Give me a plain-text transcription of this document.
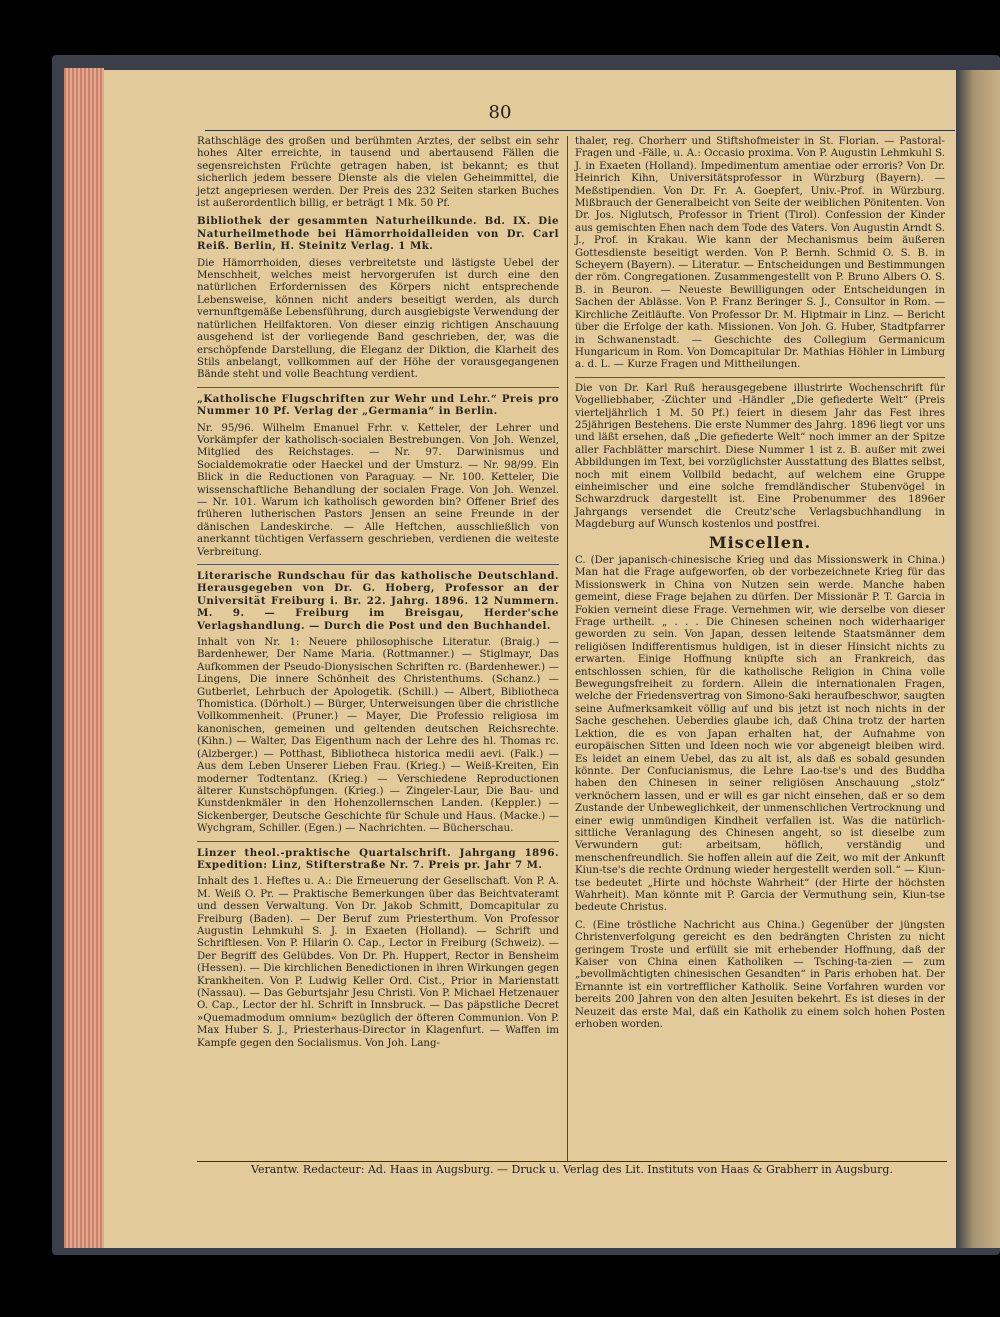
80

Rathschläge des großen und berühmten Arztes, der selbst ein sehr hohes Alter erreichte, in tausend und abertausend Fällen die segensreichsten Früchte getragen haben, ist bekannt; es thut sicherlich jedem bessere Dienste als die vielen Geheimmittel, die jetzt angepriesen werden. Der Preis des 232 Seiten starken Buches ist außerordentlich billig, er beträgt 1 Mk. 50 Pf.

Bibliothek der gesammten Naturheilkunde. Bd. IX. Die Naturheilmethode bei Hämorrhoidalleiden von Dr. Carl Reiß. Berlin, H. Steinitz Verlag. 1 Mk.

Die Hämorrhoiden, dieses verbreitetste und lästigste Uebel der Menschheit, welches meist hervorgerufen ist durch eine den natürlichen Erfordernissen des Körpers nicht entsprechende Lebensweise, können nicht anders beseitigt werden, als durch vernunftgemäße Lebensführung, durch ausgiebigste Verwendung der natürlichen Heilfaktoren. Von dieser einzig richtigen Anschauung ausgehend ist der vorliegende Band geschrieben, der, was die erschöpfende Darstellung, die Eleganz der Diktion, die Klarheit des Stils anbelangt, vollkommen auf der Höhe der vorausgegangenen Bände steht und volle Beachtung verdient.

„Katholische Flugschriften zur Wehr und Lehr.“ Preis pro Nummer 10 Pf. Verlag der „Germania“ in Berlin.

Nr. 95/96. Wilhelm Emanuel Frhr. v. Ketteler, der Lehrer und Vorkämpfer der katholisch-socialen Bestrebungen. Von Joh. Wenzel, Mitglied des Reichstages. — Nr. 97. Darwinismus und Socialdemokratie oder Haeckel und der Umsturz. — Nr. 98/99. Ein Blick in die Reductionen von Paraguay. — Nr. 100. Ketteler, Die wissenschaftliche Behandlung der socialen Frage. Von Joh. Wenzel. — Nr. 101. Warum ich katholisch geworden bin? Offener Brief des früheren lutherischen Pastors Jensen an seine Freunde in der dänischen Landeskirche. — Alle Heftchen, ausschließlich von anerkannt tüchtigen Verfassern geschrieben, verdienen die weiteste Verbreitung.

Literarische Rundschau für das katholische Deutschland. Herausgegeben von Dr. G. Hoberg, Professor an der Universität Freiburg i. Br. 22. Jahrg. 1896. 12 Nummern. M. 9. — Freiburg im Breisgau, Herder'sche Verlagshandlung. — Durch die Post und den Buchhandel.

Inhalt von Nr. 1: Neuere philosophische Literatur. (Braig.) — Bardenhewer, Der Name Maria. (Rottmanner.) — Stiglmayr, Das Aufkommen der Pseudo-Dionysischen Schriften rc. (Bardenhewer.) — Lingens, Die innere Schönheit des Christenthums. (Schanz.) — Gutberlet, Lehrbuch der Apologetik. (Schill.) — Albert, Bibliotheca Thomistica. (Dörholt.) — Bürger, Unterweisungen über die christliche Vollkommenheit. (Pruner.) — Mayer, Die Professio religiosa im kanonischen, gemeinen und geltenden deutschen Reichsrechte. (Kihn.) — Walter, Das Eigenthum nach der Lehre des hl. Thomas rc. (Alzberger.) — Potthast, Bibliotheca historica medii aevi. (Falk.) — Aus dem Leben Unserer Lieben Frau. (Krieg.) — Weiß-Kreiten, Ein moderner Todtentanz. (Krieg.) — Verschiedene Reproductionen älterer Kunstschöpfungen. (Krieg.) — Zingeler-Laur, Die Bau- und Kunstdenkmäler in den Hohenzollernschen Landen. (Keppler.) — Sickenberger, Deutsche Geschichte für Schule und Haus. (Macke.) — Wychgram, Schiller. (Egen.) — Nachrichten. — Bücherschau.

Linzer theol.-praktische Quartalschrift. Jahrgang 1896. Expedition: Linz, Stifterstraße Nr. 7. Preis pr. Jahr 7 M.

Inhalt des 1. Heftes u. A.: Die Erneuerung der Gesellschaft. Von P. A. M. Weiß O. Pr. — Praktische Bemerkungen über das Beichtvateramt und dessen Verwaltung. Von Dr. Jakob Schmitt, Domcapitular zu Freiburg (Baden). — Der Beruf zum Priesterthum. Von Professor Augustin Lehmkuhl S. J. in Exaeten (Holland). — Schrift und Schriftlesen. Von P. Hilarin O. Cap., Lector in Freiburg (Schweiz). — Der Begriff des Gelübdes. Von Dr. Ph. Huppert, Rector in Bensheim (Hessen). — Die kirchlichen Benedictionen in ihren Wirkungen gegen Krankheiten. Von P. Ludwig Keller Ord. Cist., Prior in Marienstatt (Nassau). — Das Geburtsjahr Jesu Christi. Von P. Michael Hetzenauer O. Cap., Lector der hl. Schrift in Innsbruck. — Das päpstliche Decret »Quemadmodum omnium« bezüglich der öfteren Communion. Von P. Max Huber S. J., Priesterhaus-Director in Klagenfurt. — Waffen im Kampfe gegen den Socialismus. Von Joh. Lang-

thaler, reg. Chorherr und Stiftshofmeister in St. Florian. — Pastoral-Fragen und -Fälle, u. A.: Occasio proxima. Von P. Augustin Lehmkuhl S. J. in Exaeten (Holland). Impedimentum amentiae oder erroris? Von Dr. Heinrich Kihn, Universitätsprofessor in Würzburg (Bayern). — Meßstipendien. Von Dr. Fr. A. Goepfert, Univ.-Prof. in Würzburg. Mißbrauch der Generalbeicht von Seite der weiblichen Pönitenten. Von Dr. Jos. Niglutsch, Professor in Trient (Tirol). Confession der Kinder aus gemischten Ehen nach dem Tode des Vaters. Von Augustin Arndt S. J., Prof. in Krakau. Wie kann der Mechanismus beim äußeren Gottesdienste beseitigt werden. Von P. Bernh. Schmid O. S. B. in Scheyern (Bayern). — Literatur. — Entscheidungen und Bestimmungen der röm. Congregationen. Zusammengestellt von P. Bruno Albers O. S. B. in Beuron. — Neueste Bewilligungen oder Entscheidungen in Sachen der Ablässe. Von P. Franz Beringer S. J., Consultor in Rom. — Kirchliche Zeitläufte. Von Professor Dr. M. Hiptmair in Linz. — Bericht über die Erfolge der kath. Missionen. Von Joh. G. Huber, Stadtpfarrer in Schwanenstadt. — Geschichte des Collegium Germanicum Hungaricum in Rom. Von Domcapitular Dr. Mathias Höhler in Limburg a. d. L. — Kurze Fragen und Mittheilungen.

Die von Dr. Karl Ruß herausgegebene illustrirte Wochenschrift für Vogelliebhaber, -Züchter und -Händler „Die gefiederte Welt“ (Preis vierteljährlich 1 M. 50 Pf.) feiert in diesem Jahr das Fest ihres 25jährigen Bestehens. Die erste Nummer des Jahrg. 1896 liegt vor uns und läßt ersehen, daß „Die gefiederte Welt“ noch immer an der Spitze aller Fachblätter marschirt. Diese Nummer 1 ist z. B. außer mit zwei Abbildungen im Text, bei vorzüglichster Ausstattung des Blattes selbst, noch mit einem Vollbild bedacht, auf welchem eine Gruppe einheimischer und eine solche fremdländischer Stubenvögel in Schwarzdruck dargestellt ist. Eine Probenummer des 1896er Jahrgangs versendet die Creutz'sche Verlagsbuchhandlung in Magdeburg auf Wunsch kostenlos und postfrei.

Miscellen.

C. (Der japanisch-chinesische Krieg und das Missionswerk in China.) Man hat die Frage aufgeworfen, ob der vorbezeichnete Krieg für das Missionswerk in China von Nutzen sein werde. Manche haben gemeint, diese Frage bejahen zu dürfen. Der Missionär P. T. Garcia in Fokien verneint diese Frage. Vernehmen wir, wie derselbe von dieser Frage urtheilt. „ . . . Die Chinesen scheinen noch widerhaariger geworden zu sein. Von Japan, dessen leitende Staatsmänner dem religiösen Indifferentismus huldigen, ist in dieser Hinsicht nichts zu erwarten. Einige Hoffnung knüpfte sich an Frankreich, das entschlossen schien, für die katholische Religion in China volle Bewegungsfreiheit zu fordern. Allein die internationalen Fragen, welche der Friedensvertrag von Simono-Saki heraufbeschwor, saugten seine Aufmerksamkeit völlig auf und bis jetzt ist noch nichts in der Sache geschehen. Ueberdies glaube ich, daß China trotz der harten Lektion, die es von Japan erhalten hat, der Aufnahme von europäischen Sitten und Ideen noch wie vor abgeneigt bleiben wird. Es leidet an einem Uebel, das zu alt ist, als daß es sobald gesunden könnte. Der Confucianismus, die Lehre Lao-tse's und des Buddha haben den Chinesen in seiner religiösen Anschauung „stolz“ verknöchern lassen, und er will es gar nicht einsehen, daß er so dem Zustande der Unbeweglichkeit, der unmenschlichen Vertrocknung und einer ewig unmündigen Kindheit verfallen ist. Was die natürlich-sittliche Veranlagung des Chinesen angeht, so ist dieselbe zum Verwundern gut: arbeitsam, höflich, verständig und menschenfreundlich. Sie hoffen allein auf die Zeit, wo mit der Ankunft Kiun-tse's die rechte Ordnung wieder hergestellt werden soll.“ — Kiun-tse bedeutet „Hirte und höchste Wahrheit“ (der Hirte der höchsten Wahrheit). Man könnte mit P. Garcia der Vermuthung sein, Kiun-tse bedeute Christus.

C. (Eine tröstliche Nachricht aus China.) Gegenüber der jüngsten Christenverfolgung gereicht es den bedrängten Christen zu nicht geringem Troste und erfüllt sie mit erhebender Hoffnung, daß der Kaiser von China einen Katholiken — Tsching-ta-zien — zum „bevollmächtigten chinesischen Gesandten“ in Paris erhoben hat. Der Ernannte ist ein vortrefflicher Katholik. Seine Vorfahren wurden vor bereits 200 Jahren von den alten Jesuiten bekehrt. Es ist dieses in der Neuzeit das erste Mal, daß ein Katholik zu einem solch hohen Posten erhoben worden.

Verantw. Redacteur: Ad. Haas in Augsburg. — Druck u. Verlag des Lit. Instituts von Haas & Grabherr in Augsburg.
